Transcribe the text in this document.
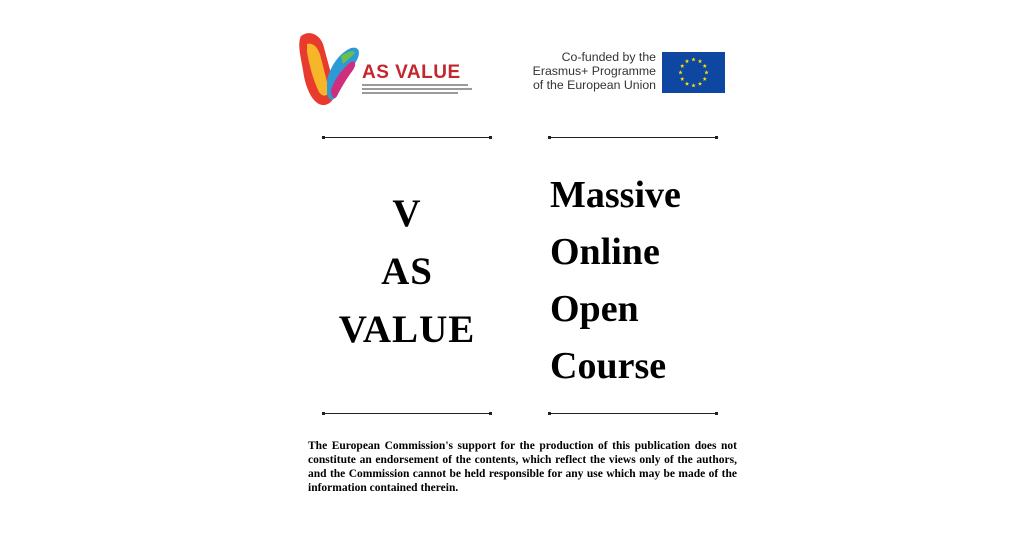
AS VALUE
Co-funded by the
Erasmus+ Programme
of the European Union
V
AS
VALUE
Massive
Online
Open
Course
The European Commission's support for the production of this publication does not constitute an endorsement of the contents, which reflect the views only of the authors, and the Commission cannot be held responsible for any use which may be made of the information contained therein.
